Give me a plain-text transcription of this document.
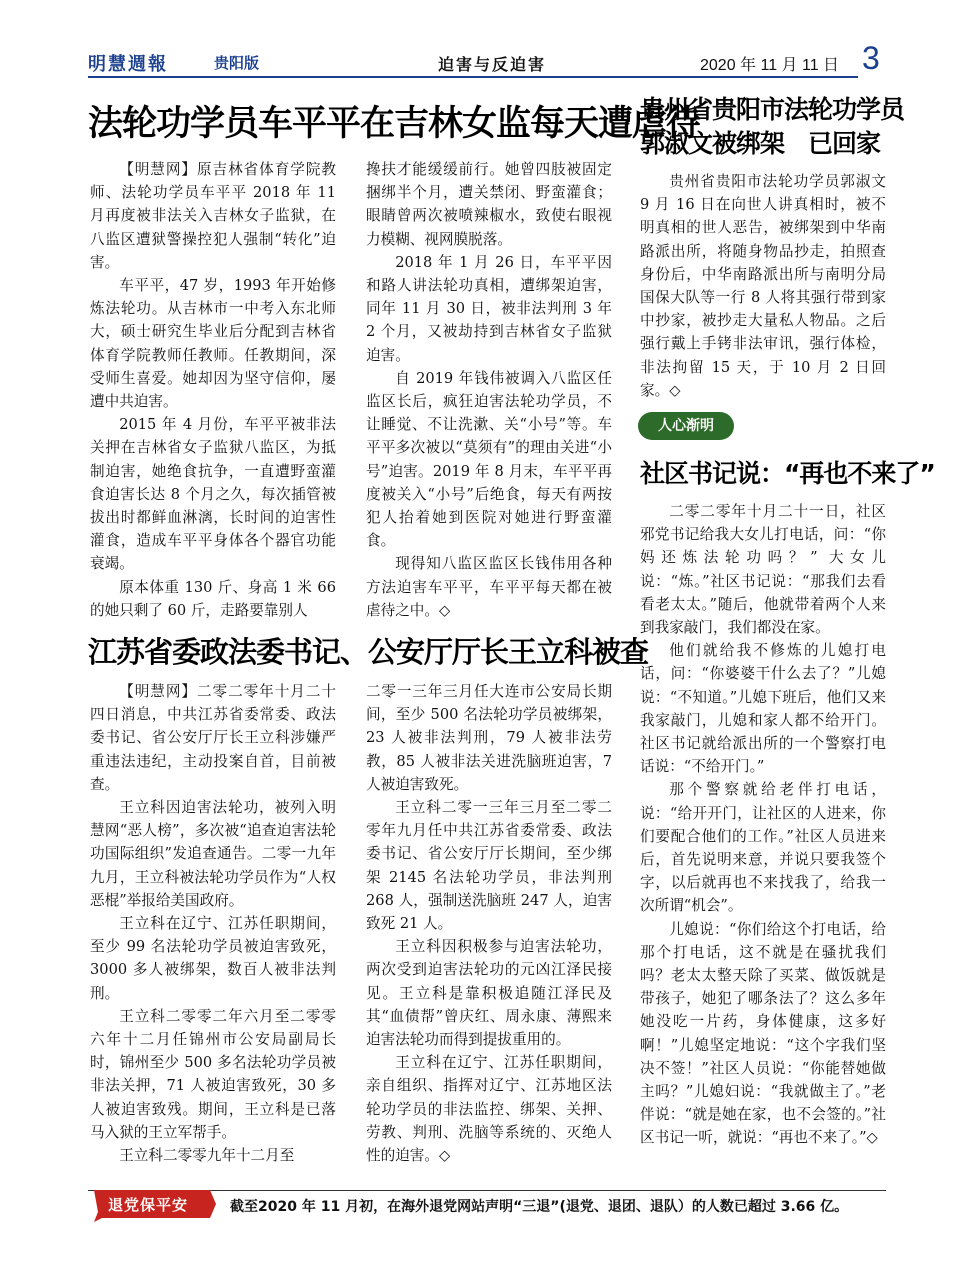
明慧週報	贵阳版	迫害与反迫害	2020 年 11 月 11 日 3
法轮功学员车平平在吉林女监每天遭虐待

【明慧网】原吉林省体育学院教师、法轮功学员车平平 2018 年 11 月再度被非法关入吉林女子监狱，在八监区遭狱警操控犯人强制“转化”迫害。

车平平，47 岁，1993 年开始修炼法轮功。从吉林市一中考入东北师大，硕士研究生毕业后分配到吉林省体育学院教师任教师。任教期间，深受师生喜爱。她却因为坚守信仰，屡遭中共迫害。

2015 年 4 月份，车平平被非法关押在吉林省女子监狱八监区，为抵制迫害，她绝食抗争，一直遭野蛮灌食迫害长达 8 个月之久，每次插管被拔出时都鲜血淋漓，长时间的迫害性灌食，造成车平平身体各个器官功能衰竭。

原本体重 130 斤、身高 1 米 66 的她只剩了 60 斤，走路要靠别人

搀扶才能缓缓前行。她曾四肢被固定捆绑半个月，遭关禁闭、野蛮灌食；眼睛曾两次被喷辣椒水，致使右眼视力模糊、视网膜脱落。

2018 年 1 月 26 日，车平平因和路人讲法轮功真相，遭绑架迫害，同年 11 月 30 日，被非法判刑 3 年 2 个月，又被劫持到吉林省女子监狱迫害。

自 2019 年钱伟被调入八监区任监区长后，疯狂迫害法轮功学员，不让睡觉、不让洗漱、关“小号”等。车平平多次被以“莫须有”的理由关进“小号”迫害。2019 年 8 月末，车平平再度被关入“小号”后绝食，每天有两按犯人抬着她到医院对她进行野蛮灌食。

现得知八监区监区长钱伟用各种方法迫害车平平，车平平每天都在被虐待之中。◇

江苏省委政法委书记、公安厅厅长王立科被查

【明慧网】二零二零年十月二十四日消息，中共江苏省委常委、政法委书记、省公安厅厅长王立科涉嫌严重违法违纪，主动投案自首，目前被查。

王立科因迫害法轮功，被列入明慧网“恶人榜”，多次被“追查迫害法轮功国际组织”发追查通告。二零一九年九月，王立科被法轮功学员作为“人权恶棍”举报给美国政府。

王立科在辽宁、江苏任职期间，至少 99 名法轮功学员被迫害致死，3000 多人被绑架，数百人被非法判刑。

王立科二零零二年六月至二零零六年十二月任锦州市公安局副局长时，锦州至少 500 多名法轮功学员被非法关押，71 人被迫害致死，30 多人被迫害致残。期间，王立科是已落马入狱的王立军帮手。

王立科二零零九年十二月至

二零一三年三月任大连市公安局长期间，至少 500 名法轮功学员被绑架，23 人被非法判刑，79 人被非法劳教，85 人被非法关进洗脑班迫害，7 人被迫害致死。

王立科二零一三年三月至二零二零年九月任中共江苏省委常委、政法委书记、省公安厅厅长期间，至少绑架 2145 名法轮功学员，非法判刑 268 人，强制送洗脑班 247 人，迫害致死 21 人。

王立科因积极参与迫害法轮功，两次受到迫害法轮功的元凶江泽民接见。王立科是靠积极追随江泽民及其“血债帮”曾庆红、周永康、薄熙来迫害法轮功而得到提拔重用的。

王立科在辽宁、江苏任职期间，亲自组织、指挥对辽宁、江苏地区法轮功学员的非法监控、绑架、关押、劳教、判刑、洗脑等系统的、灭绝人性的迫害。◇

贵州省贵阳市法轮功学员
郭淑文被绑架　已回家

贵州省贵阳市法轮功学员郭淑文 9 月 16 日在向世人讲真相时，被不明真相的世人恶告，被绑架到中华南路派出所，将随身物品抄走，拍照查身份后，中华南路派出所与南明分局国保大队等一行 8 人将其强行带到家中抄家，被抄走大量私人物品。之后强行戴上手铐非法审讯，强行体检，非法拘留 15 天，于 10 月 2 日回家。◇

人心渐明
社区书记说：“再也不来了”

二零二零年十月二十一日，社区邪党书记给我大女儿打电话，问：“你妈还炼法轮功吗？” 大女儿说：“炼。”社区书记说：“那我们去看看老太太。”随后，他就带着两个人来到我家敲门，我们都没在家。

他们就给我不修炼的儿媳打电话，问：“你婆婆干什么去了？”儿媳说：“不知道。”儿媳下班后，他们又来我家敲门，儿媳和家人都不给开门。社区书记就给派出所的一个警察打电话说：“不给开门。”

那个警察就给老伴打电话，说：“给开开门，让社区的人进来，你们要配合他们的工作。”社区人员进来后，首先说明来意，并说只要我签个字，以后就再也不来找我了，给我一次所谓“机会”。

儿媳说：“你们给这个打电话，给那个打电话，这不就是在骚扰我们吗？老太太整天除了买菜、做饭就是带孩子，她犯了哪条法了？这么多年她没吃一片药，身体健康，这多好啊！”儿媳坚定地说：“这个字我们坚决不签！”社区人员说：“你能替她做主吗？”儿媳妇说：“我就做主了。”老伴说：“就是她在家，也不会签的。”社区书记一听，就说：“再也不来了。”◇

退党保平安	截至2020 年 11 月初，在海外退党网站声明“三退”(退党、退团、退队）的人数已超过 3.66 亿。
